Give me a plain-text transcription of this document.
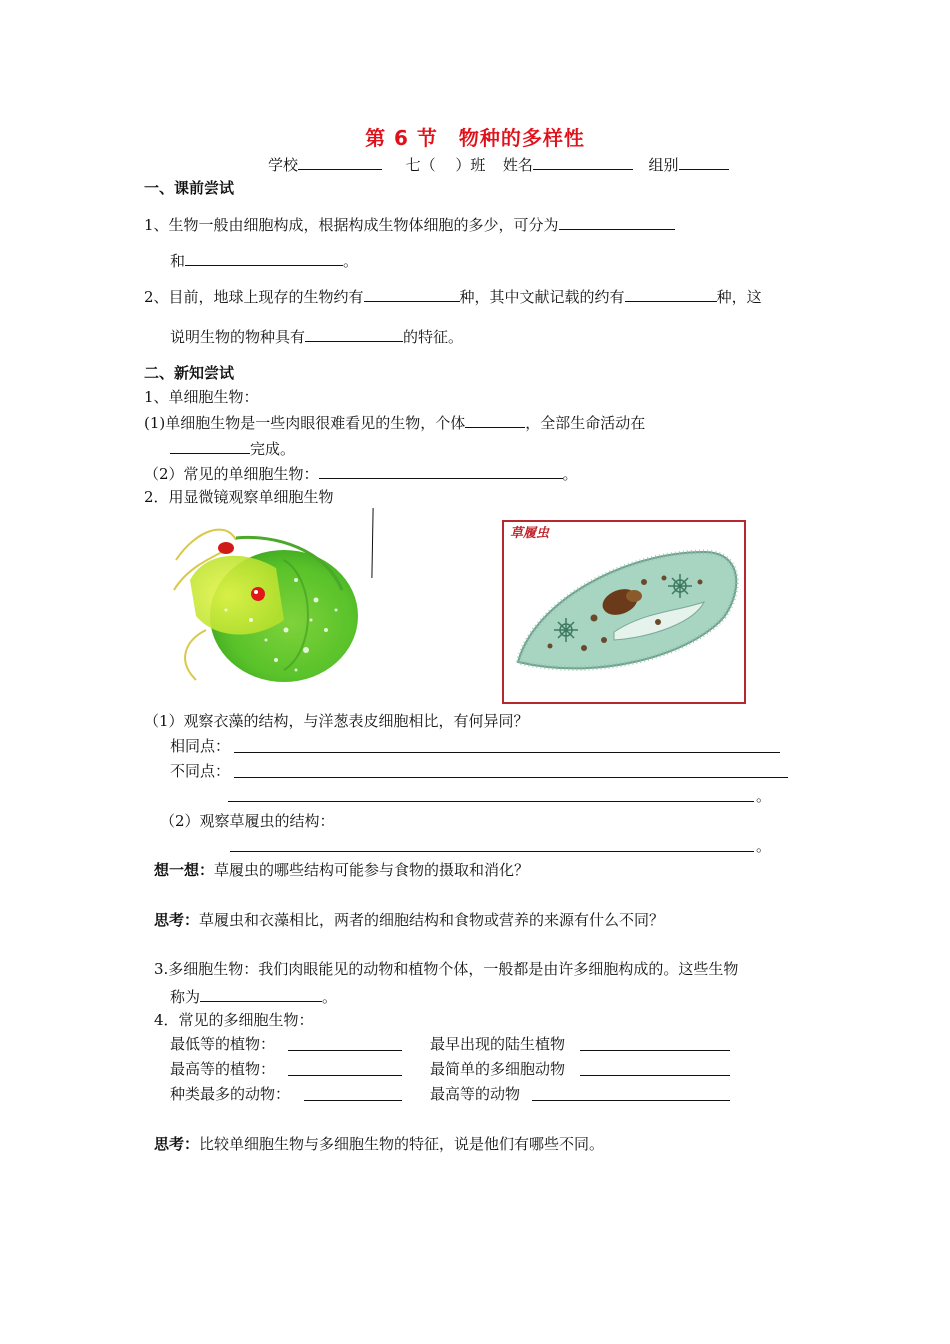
第 6 节　物种的多样性
学校	七（　 ）班 姓名	组别
一、课前尝试
1、生物一般由细胞构成，根据构成生物体细胞的多少，可分为
和	。
2、目前，地球上现存的生物约有	种，其中文献记载的约有	种，这
说明生物的物种具有	的特征。
二、新知尝试
1、单细胞生物：
(1)单细胞生物是一些肉眼很难看见的生物，个体	，全部生命活动在
完成。
（2）常见的单细胞生物：	。
2．用显微镜观察单细胞生物
草履虫
（1）观察衣藻的结构，与洋葱表皮细胞相比，有何异同？
相同点：
不同点：
。
（2）观察草履虫的结构：
。
想一想：草履虫的哪些结构可能参与食物的摄取和消化？
思考：草履虫和衣藻相比，两者的细胞结构和食物或营养的来源有什么不同？
3.多细胞生物：我们肉眼能见的动物和植物个体，一般都是由许多细胞构成的。这些生物
称为	。
4．常见的多细胞生物：
最低等的植物：	最早出现的陆生植物
最高等的植物：	最简单的多细胞动物
种类最多的动物：	最高等的动物
思考：比较单细胞生物与多细胞生物的特征，说是他们有哪些不同。
